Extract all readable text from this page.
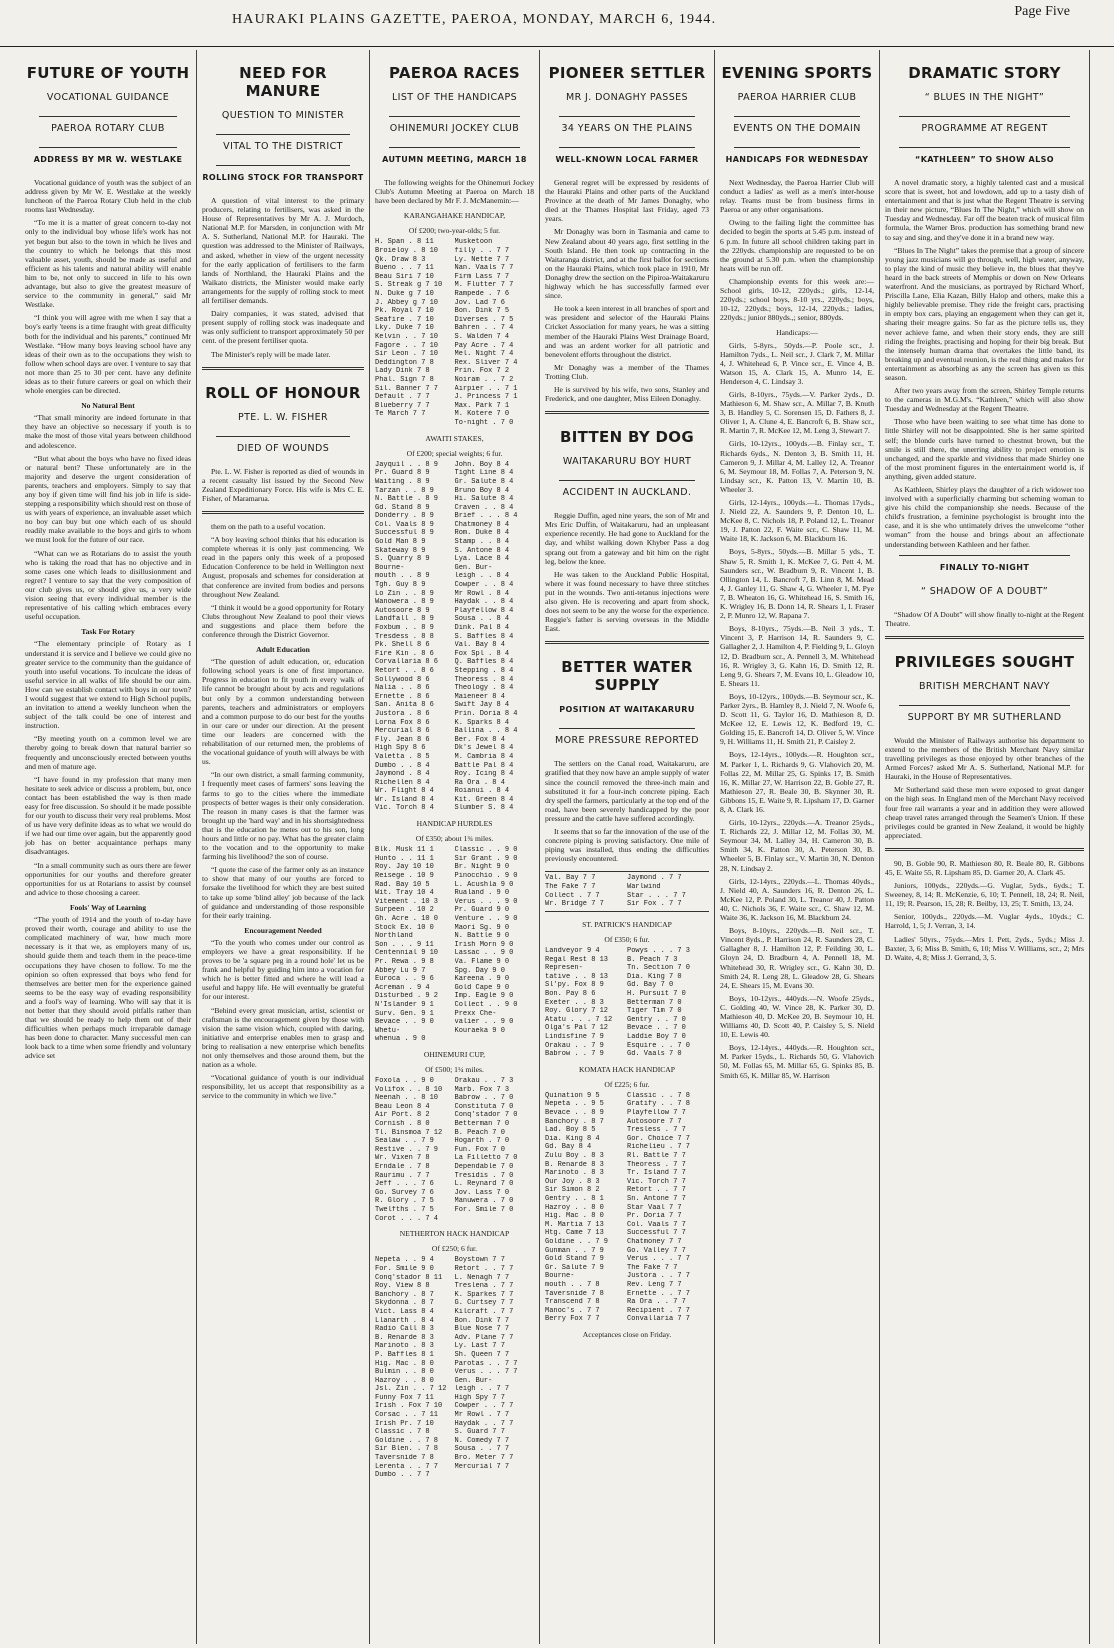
HAURAKI PLAINS GAZETTE, PAEROA, MONDAY, MARCH 6, 1944.
Page Five
FUTURE OF YOUTH
VOCATIONAL GUIDANCE
PAEROA ROTARY CLUB
ADDRESS BY MR W. WESTLAKE

Vocational guidance of youth was the subject of an address given by Mr W. E. Westlake at the weekly luncheon of the Paeroa Rotary Club held in the club rooms last Wednesday.

“To me it is a matter of great concern to-day not only to the individual boy whose life's work has not yet begun but also to the town in which he lives and the country to which he belongs that this most valuable asset, youth, should be made as useful and efficient as his talents and natural ability will enable him to be, not only to succeed in life to his own advantage, but also to give the greatest measure of service to the community in general,” said Mr Westlake.

“I think you will agree with me when I say that a boy's early 'teens is a time fraught with great difficulty both for the individual and his parents,” continued Mr Westlake. “How many boys leaving school have any ideas of their own as to the occupations they wish to follow when school days are over. I venture to say that not more than 25 to 30 per cent. have any definite ideas as to their future careers or goal on which their whole energies can be directed.

No Natural Bent

“That small minority are indeed fortunate in that they have an objective so necessary if youth is to make the most of those vital years between childhood and adolescence.

“But what about the boys who have no fixed ideas or natural bent? These unfortunately are in the majority and deserve the urgent consideration of parents, teachers and employers. Simply to say that any boy if given time will find his job in life is side-stepping a responsibility which should rest on those of us with years of experience, an invaluable asset which no boy can buy but one which each of us should readily make available to the boys and girls to whom we must look for the future of our race.

“What can we as Rotarians do to assist the youth who is taking the road that has no objective and in some cases one which leads to disillusionment and regret? I venture to say that the very composition of our club gives us, or should give us, a very wide vision seeing that every individual member is the representative of his calling which embraces every useful occupation.

Task For Rotary

“The elementary principle of Rotary as I understand it is service and I believe we could give no greater service to the community than the guidance of youth into useful vocations. To inculcate the ideas of useful service in all walks of life should be our aim. How can we establish contact with boys in our town? I would suggest that we extend to High School pupils, an invitation to attend a weekly luncheon when the subject of the talk could be one of interest and instruction.

“By meeting youth on a common level we are thereby going to break down that natural barrier so frequently and unconsciously erected between youths and men of mature age.

“I have found in my profession that many men hesitate to seek advice or discuss a problem, but, once contact has been established the way is then made easy for free discussion. So should it be made possible for our youth to discuss their very real problems. Most of us have very definite ideas as to what we would do if we had our time over again, but the apparently good job has on better acquaintance perhaps many disadvantages.

“In a small community such as ours there are fewer opportunities for our youths and therefore greater opportunities for us at Rotarians to assist by counsel and advice to those choosing a career.

Fools' Way of Learning

“The youth of 1914 and the youth of to-day have proved their worth, courage and ability to use the complicated machinery of war, how much more necessary is it that we, as employers many of us, should guide them and teach them in the peace-time occupations they have chosen to follow. To me the opinion so often expressed that boys who fend for themselves are better men for the experience gained seems to be the easy way of evading responsibility and a fool's way of learning. Who will say that it is not better that they should avoid pitfalls rather than that we should be ready to help them out of their difficulties when perhaps much irreparable damage has been done to character. Many successful men can look back to a time when some friendly and voluntary advice set

NEED FOR MANURE
QUESTION TO MINISTER
VITAL TO THE DISTRICT
ROLLING STOCK FOR TRANSPORT

A question of vital interest to the primary producers, relating to fertilisers, was asked in the House of Representatives by Mr A. J. Murdoch, National M.P. for Marsden, in conjunction with Mr A. S. Sutherland, National M.P. for Hauraki. The question was addressed to the Minister of Railways, and asked, whether in view of the urgent necessity for the early application of fertilisers to the farm lands of Northland, the Hauraki Plains and the Waikato districts, the Minister would make early arrangements for the supply of rolling stock to meet all fertiliser demands.

Dairy companies, it was stated, advised that present supply of rolling stock was inadequate and was only sufficient to transport approximately 50 per cent. of the present fertiliser quota.

The Minister's reply will be made later.

ROLL OF HONOUR
PTE. L. W. FISHER
DIED OF WOUNDS

Pte. L. W. Fisher is reported as died of wounds in a recent casualty list issued by the Second New Zealand Expeditionary Force. His wife is Mrs C. E. Fisher, of Maramarua.

them on the path to a useful vocation.

“A boy leaving school thinks that his education is complete whereas it is only just commencing. We read in the papers only this week of a proposed Education Conference to be held in Wellington next August, proposals and schemes for consideration at that conference are invited from bodies and persons throughout New Zealand.

“I think it would be a good opportunity for Rotary Clubs throughout New Zealand to pool their views and suggestions and place them before the conference through the District Governor.

Adult Education

“The question of adult education, or, education following school years is one of first importance. Progress in education to fit youth in every walk of life cannot be brought about by acts and regulations but only by a common understanding between parents, teachers and administrators or employers and a common purpose to do our best for the youths in our care or under our direction. At the present time our leaders are concerned with the rehabilitation of our returned men, the problems of the vocational guidance of youth will always be with us.

“In our own district, a small farming community, I frequently meet cases of farmers' sons leaving the farms to go to the cities where the immediate prospects of better wages is their only consideration. The reason in many cases is that the farmer was brought up the 'hard way' and in his shortsightedness that is the education he metes out to his son, long hours and little or no pay. What has the greater claim to the vocation and to the opportunity to make farming his livelihood? the son of course.

“I quote the case of the farmer only as an instance to show that many of our youths are forced to forsake the livelihood for which they are best suited to take up some 'blind alley' job because of the lack of guidance and understanding of those responsible for their early training.

Encouragement Needed

“To the youth who comes under our control as employers we have a great responsibility. If he proves to be 'a square peg in a round hole' let us be frank and helpful by guiding him into a vocation for which he is better fitted and where he will lead a useful and happy life. He will eventually be grateful for our interest.

“Behind every great musician, artist, scientist or craftsman is the encouragement given by those with vision the same vision which, coupled with daring, initiative and enterprise enables men to grasp and bring to realisation a new enterprise which benefits not only themselves and those around them, but the nation as a whole.

“Vocational guidance of youth is our individual responsibility, let us accept that responsibility as a service to the community in which we live.”

PAEROA RACES
LIST OF THE HANDICAPS
OHINEMURI JOCKEY CLUB
AUTUMN MEETING, MARCH 18

The following weights for the Ohinemuri Jockey Club's Autumn Meeting at Paeroa on March 18 have been declared by Mr F. J. McManemin:—

KARANGAHAKE HANDICAP,
Of £200; two-year-olds; 5 fur.
H. Span . 8 11	Musketoon
Broieloy . 8 10	filly . . 7 7
Qk. Draw 8 3	Ly. Nette 7 7
Bueno . . 7 11	Nan. Vaals 7 7
Beau Siri 7 10	Firm Lass 7 7
S. Streak g 7 10	M. Flutter 7 7
N. Duke g 7 10	Rampede . 7 6
J. Abbey g 7 10	Jov. Lad 7 6
Pk. Royal 7 10	Bon. Dink 7 5
Seafire . 7 10	Diverses . 7 5
Lky. Duke 7 10	Bahren . . 7 4
Kelvin . . 7 10	S. Walden 7 4
Fagore . . 7 10	Pay Acre . 7 4
Sir Leon . 7 10	Mel. Night 7 4
Deddington 7 8	Rex. Sliver 7 4
Lady Dink 7 8	Prin. Fox 7 2
Phal. Sign 7 8	Noiram . . 7 2
Sil. Banner 7 7	Airpier . . 7 1
Default . 7 7	J. Princess 7 1
Blueberry 7 7	Max. Park 7 1
Te March 7 7	M. Kotere 7 0
To-night . 7 0
AWAITI STAKES,
Of £200; special weights; 6 fur.
Jayquil . . 8 9	John. Boy 8 4
Pr. Guard 8 9	Tight Line 8 4
Waiting . 8 9	Gr. Salute 8 4
Tarzan . . 8 9	Bruno Boy 8 4
N. Battle . 8 9	Hi. Salute 8 4
Gd. Stand 8 9	Craven . . 8 4
Donderry . 8 9	Brief . . . 8 4
Col. Vaals 8 9	Chatmoney 8 4
Successful 8 9	Rom. Duke 8 4
Gold Man 8 9	Stamp . . 8 4
Skateway 8 9	S. Antone 8 4
S. Quarry 8 9	Lya. Lace 8 4
Bourne-	Gen. Bur-
mouth . . 8 9	leigh . . 8 4
Tgh. Guy 8 9	Cowper . . 8 4
Lo Zin . . 8 9	Mr Rowl . 8 4
Wanowera . 8 9	Haydak . . 8 4
Autosoore 8 9	Playfellow 8 4
Landfall . 8 9	Sousa . . 8 4
Foxbum . . 8 9	Dink. Pal 8 4
Tresdess . 8 8	S. Baffles 8 4
Pk. Shell 8 6	Val. Bay 8 4
Fire Kin . 8 6	Fox Spl . 8 4
Corvallaria 8 6	Q. Baffles 8 4
Retort . . 8 6	Stepping . 8 4
Sollywood 8 6	Theoress . 8 4
Nalia . . 8 6	Theology . 8 4
Ernette . 8 6	Maieneer 8 4
San. Anita 8 6	Swift Jay 8 4
Justora . 8 6	Prin. Doria 8 4
Lorna Fox 8 6	K. Sparks 8 4
Mercurial 8 6	Ballina . . 8 4
Fly. Jean 8 6	Ber. Fox 8 4
High Spy 8 6	Dk's Jewel 8 4
Valetta . 8 5	M. Cambria 8 4
Dumbo . . 8 4	Battle Pal 8 4
Jaymond . 8 4	Roy. Icing 8 4
Richellen 8 4	Ra Ora . 8 4
Wr. Flight 8 4	Roianui . 8 4
Wr. Island 8 4	Kit. Green 8 4
Vic. Torch 8 4	Slumber S. 8 4
HANDICAP HURDLES
Of £350; about 1¾ miles.
Blk. Musk 11 1	Classic . . 9 0
Hunto . . 11 1	Sir Grant . 9 0
Roy. Jay 10 10	Br. Night 9 0
Reisege . 10 9	Pinocchio . 9 0
Rad. Bay 10 5	L. Acushla 9 0
Wit. Tray 10 4	Rualand . 9 0
Vitement . 10 3	Verus . . . 9 0
Surpeen . 10 2	Pr. Guard 9 0
Gh. Acre . 10 0	Venture . . 9 0
Stock Ex. 10 0	Maori Sg. 9 0
Northland	N. Battle 9 0
Son . . . 9 11	Irish Morn 9 0
Centennial 9 10	Lassac . . 9 0
Pr. Rewa . 9 8	Va. Flame 9 0
Abbey Lu 9 7	Spg. Day 9 0
Euroca . . 9 6	Kareena . 9 0
Acreman . 9 4	Gold Cape 9 0
Disturbed . 9 2	Imp. Eagle 9 0
N'Islander 9 1	Collect . . 9 0
Surv. Gen. 9 1	Prexx Che-
Bevace . . 9 0	valier . . 9 0
Whetu-	Kouraeka 9 0
whenua . 9 0
OHINEMURI CUP,
Of £500; 1¼ miles.
Foxola . . 9 0	Orakau . . 7 3
Volifox . . 8 10	Marb. Fox 7 3
Neenah . . 8 10	Babrow . . 7 0
Beau Leon 8 4	Constituta 7 0
Air Port. 8 2	Conq'stador 7 0
Cornish . 8 0	Betterman 7 0
Tl. Binsmoa 7 12	B. Peach 7 0
Sealaw . . 7 9	Hogarth . 7 0
Restive . . 7 9	Fun. Fox 7 0
Wr. Vixen 7 8	La Filletto 7 0
Erndale . 7 8	Dependable 7 0
Raurimu . 7 7	Tresidis . 7 0
Jeff . . . 7 6	L. Reynard 7 0
Go. Survey 7 6	Jov. Lass 7 0
R. Glory . 7 5	Manuwera . 7 0
Twelfths . 7 5	For. Smile 7 0
Corot . . . 7 4
NETHERTON HACK HANDICAP
Of £250; 6 fur.
Nepeta . . 9 4	Boystown 7 7
For. Smile 9 0	Retort . . 7 7
Conq'stador 8 11	L. Nenagh 7 7
Roy. View 8 8	Treslena . 7 7
Banchory . 8 7	K. Sparkes 7 7
Skydonna . 8 7	G. Curtsey 7 7
Vict. Lass 8 4	Kilcraft . 7 7
Llanarth . 8 4	Bon. Dink 7 7
Radio Call 8 3	Blue Nose 7 7
B. Renarde 8 3	Adv. Plane 7 7
Marinoto . 8 3	Ly. Last 7 7
P. Baffles 8 1	Sh. Queen 7 7
Hig. Mac . 8 0	Parotas . . 7 7
Bulmin . . 8 0	Verus . . . 7 7
Hazroy . . 8 0	Gen. Bur-
Jsl. Zin . . 7 12	leigh . . 7 7
Funny Fox 7 11	High Spy 7 7
Irish . Fox 7 10	Cowper . . 7 7
Corsac . . 7 11	Mr Rowl . 7 7
Irish Pr. 7 10	Haydak . . 7 7
Classic . 7 8	S. Guard 7 7
Goldine . . 7 8	N. Comedy 7 7
Sir Blen. . 7 8	Sousa . . 7 7
Taversnide 7 8	Bro. Meter 7 7
Lerenta . . 7 7	Mercurial 7 7
Dumbo . . 7 7
PIONEER SETTLER
MR J. DONAGHY PASSES
34 YEARS ON THE PLAINS
WELL-KNOWN LOCAL FARMER

General regret will be expressed by residents of the Hauraki Plains and other parts of the Auckland Province at the death of Mr James Donaghy, who died at the Thames Hospital last Friday, aged 73 years.

Mr Donaghy was born in Tasmania and came to New Zealand about 40 years ago, first settling in the South Island. He then took up contracting in the Waitaranga district, and at the first ballot for sections on the Hauraki Plains, which took place in 1910, Mr Donaghy drew the section on the Pipiroa-Waitakaruru highway which he has successfully farmed ever since.

He took a keen interest in all branches of sport and was president and selector of the Hauraki Plains Cricket Association for many years, he was a sitting member of the Hauraki Plains West Drainage Board, and was an ardent worker for all patriotic and benevolent efforts throughout the district.

Mr Donaghy was a member of the Thames Trotting Club.

He is survived by his wife, two sons, Stanley and Frederick, and one daughter, Miss Eileen Donaghy.

BITTEN BY DOG
WAITAKARURU BOY HURT
ACCIDENT IN AUCKLAND.

Reggie Duffin, aged nine years, the son of Mr and Mrs Eric Duffin, of Waitakaruru, had an unpleasant experience recently. He had gone to Auckland for the day, and whilst walking down Khyber Pass a dog sprang out from a gateway and bit him on the right leg, below the knee.

He was taken to the Auckland Public Hospital, where it was found necessary to have three stitches put in the wounds. Two anti-tetanus injections were also given. He is recovering and apart from shock, does not seem to be any the worse for the experience. Reggie's father is serving overseas in the Middle East.

BETTER WATER SUPPLY
POSITION AT WAITAKARURU
MORE PRESSURE REPORTED

The settlers on the Canal road, Waitakaruru, are gratified that they now have an ample supply of water since the council removed the three-inch main and substituted it for a four-inch concrete piping. Each dry spell the farmers, particularly at the top end of the road, have been severely handicapped by the poor pressure and the cattle have suffered accordingly.

It seems that so far the innovation of the use of the concrete piping is proving satisfactory. One mile of piping was installed, thus ending the difficulties previously encountered.

Val. Bay 7 7	Jaymond . 7 7
The Fake 7 7	Warlwind
Collect . 7 7	Star . . . 7 7
Wr. Bridge 7 7	Sir Fox . 7 7
ST. PATRICK'S HANDICAP
Of £350; 6 fur.
Landveyor 9 4	Powys . . . 7 3
Regal Rest 8 13	B. Peach 7 3
Represen-	Tn. Section 7 0
tative . . 8 13	Dia. King 7 0
Sl'py. Fox 8 9	Gd. Bay 7 0
Bon. Pay 8 6	H. Pursuit 7 0
Exeter . . 8 3	Betterman 7 0
Roy. Glory 7 12	Tiger Tim 7 0
Atatu . . . 7 12	Gentry . . 7 0
Olga's Pal 7 12	Bevace . . 7 0
Lindisfine 7 9	Laddie Boy 7 0
Orakau . . 7 9	Esquire . . 7 0
Babrow . . 7 9	Gd. Vaals 7 0
KOMATA HACK HANDICAP
Of £225; 6 fur.
Quination 9 5	Classic . . 7 8
Nepeta . . 9 5	Gratify . . 7 8
Bevace . . 8 9	Playfellow 7 7
Banchory . 8 7	Autosoore 7 7
Lad. Boy 8 5	Tresless . 7 7
Dia. King 8 4	Gor. Choice 7 7
Gd. Bay 8 4	Richelieu . 7 7
Zulu Boy . 8 3	Rl. Battle 7 7
B. Renarde 8 3	Theoress . 7 7
Marinoto . 8 3	Tr. Island 7 7
Our Joy . 8 3	Vic. Torch 7 7
Sir Simon 8 2	Retort . . 7 7
Gentry . . 8 1	Sn. Antone 7 7
Hazroy . . 8 0	Star Vaal 7 7
Hig. Mac . 8 0	Pr. Doria 7 7
M. Martia 7 13	Col. Vaals 7 7
Htg. Came 7 13	Successful 7 7
Goldine . . 7 9	Chatmoney 7 7
Gunman . . 7 9	Go. Valley 7 7
Gold Stand 7 9	Verus . . . 7 7
Gr. Salute 7 9	The Fake 7 7
Bourne-	Justora . . 7 7
mouth . . 7 8	Rev. Leng 7 7
Taversnide 7 8	Ernette . . 7 7
Transcend 7 8	Ra Ora . . 7 7
Manoc's . 7 7	Recipient . 7 7
Berry Fox 7 7	Convallaria 7 7
Acceptances close on Friday.
EVENING SPORTS
PAEROA HARRIER CLUB
EVENTS ON THE DOMAIN
HANDICAPS FOR WEDNESDAY

Next Wednesday, the Paeroa Harrier Club will conduct a ladies' as well as a men's inter-house relay. Teams must be from business firms in Paeroa or any other organisations.

Owing to the failing light the committee has decided to begin the sports at 5.45 p.m. instead of 6 p.m. In future all school children taking part in the 220yds. championship are requested to be on the ground at 5.30 p.m. when the championship heats will be run off.

Championship events for this week are:—School girls, 10-12, 220yds.; girls, 12-14, 220yds.; school boys, 8-10 yrs., 220yds.; boys, 10-12, 220yds.; boys, 12-14, 220yds.; ladies, 220yds.; junior 880yds.,; senior, 880yds.

Handicaps:—

Girls, 5-8yrs., 50yds.—P. Poole scr., J. Hamilton 7yds., L. Neil scr., J. Clark 7, M. Millar 4, J. Whitehead 6, P. Vince scr., E. Vince 4, B. Watson 15, A. Clark 15, A. Munro 14, E. Henderson 4, C. Lindsay 3.

Girls, 8-10yrs., 75yds.—V. Parker 2yds., D. Mathieson 6, M. Shaw scr., A. Millar 7, B. Knuth 3, B. Handley 5, C. Sorensen 15, D. Fathers 8, J. Oliver 1, A. Clune 4, E. Bancroft 6, B. Shaw scr., R. Martin 7, R. McKee 12, M. Leng 3, Stewart 7.

Girls, 10-12yrs., 100yds.—B. Finlay scr., T. Richards 6yds., N. Denton 3, B. Smith 11, H. Cameron 9, J. Millar 4, M. Lalley 12, A. Treanor 6, M. Seymour 18, M. Follas 7, A. Peterson 9, N. Lindsay scr., K. Patton 13, V. Martin 10, B. Wheeler 3.

Girls, 12-14yrs., 100yds.—L. Thomas 17yds., J. Nield 22, A. Saunders 9, P. Denton 10, L. McKee 8, C. Nichols 18, P. Poland 12, L. Treanor 19, J. Patton 22, F. Waite scr., C. Shaw 11, M. Waite 18, K. Jackson 6, M. Blackburn 16.

Boys, 5-8yrs., 50yds.—B. Millar 5 yds., T. Shaw 5, R. Smith 1, K. McKee 7, G. Pett 4, M. Saunders scr., W. Bradburn 9, R. Vincent 1, B. Ollington 14, L. Bancroft 7, B. Linn 8, M. Mead 4, J. Ganley 11, G. Shaw 4, G. Wheeler 1, M. Pye 7, B. Wheaton 16, G. Whitehead 16, S. Smith 16, K. Wrigley 16, B. Donn 14, R. Shears 1, I. Fraser 2, P. Munro 12, W. Rapana 7.

Boys, 8-10yrs., 75yds.—B. Neil 3 yds., T. Vincent 3, P. Harrison 14, R. Saunders 9, C. Gallagher 2, J. Hamilton 4, P. Fielding 9, L. Gloyn 12, D. Bradburn scr., A. Pennell 3, M. Whitehead 16, R. Wrigley 3, G. Kahn 16, D. Smith 12, R. Leng 9, G. Shears 7, M. Evans 10, L. Gleadow 10, E. Shears 11.

Boys, 10-12yrs., 100yds.—B. Seymour scr., K. Parker 2yrs., B. Hamley 8, J. Nield 7, N. Woofe 6, D. Scott 11, G. Taylor 16, D. Mathieson 8, D. McKee 12, E. Lewis 12, K. Bedford 19, C. Golding 15, E. Bancroft 14, D. Oliver 5, W. Vince 9, H. Williams 11, H. Smith 21, P. Caisley 2.

Boys, 12-14yrs., 100yds.—R. Houghton scr., M. Parker 1, L. Richards 9, G. Vlahovich 20, M. Follas 22, M. Millar 25, G. Spinks 17, B. Smith 16, K. Millar 27, W. Harrison 22, B. Goble 27, R. Mathieson 27, R. Beale 30, B. Skynner 30, R. Gibbons 15, E. Waite 9, R. Lipsham 17, D. Garner 8, A. Clark 16.

Girls, 10-12yrs., 220yds.—A. Treanor 25yds., T. Richards 22, J. Millar 12, M. Follas 30, M. Seymour 34, M. Lalley 34, H. Cameron 30, B. Smith 34, K. Patton 30, A. Peterson 30, B. Wheeler 5, B. Finlay scr., V. Martin 30, N. Denton 28, N. Lindsay 2.

Girls, 12-14yrs., 220yds.—L. Thomas 40yds., J. Nield 40, A. Saunders 16, R. Denton 26, L. McKee 12, P. Poland 30, L. Treanor 40, J. Patton 40, C. Nichols 36, F. Waite scr., C. Shaw 12, M. Waite 36, K. Jackson 16, M. Blackburn 24.

Boys, 8-10yrs., 220yds.—B. Neil scr., T. Vincent 8yds., P. Harrison 24, R. Saunders 28, C. Gallagher 8, J. Hamilton 12, P. Feilding 30, L. Gloyn 24, D. Bradburn 4, A. Pennell 18, M. Whitehead 30, R. Wrigley scr., G. Kahn 30, D. Smith 24, R. Leng 28, L. Gleadow 28, G. Shears 24, E. Shears 15, M. Evans 30.

Boys, 10-12yrs., 440yds.—N. Woofe 25yds., C. Golding 40, W. Vince 28, K. Parker 30, D. Mathieson 40, D. McKee 20, B. Seymour 10, H. Williams 40, D. Scott 40, P. Caisley 5, S. Nield 10, E. Lewis 40.

Boys, 12-14yrs., 440yds.—R. Houghton scr., M. Parker 15yds., L. Richards 50, G. Vlahovich 50, M. Follas 65, M. Millar 65, G. Spinks 85, B. Smith 65, K. Millar 85, W. Harrison

DRAMATIC STORY
“ BLUES IN THE NIGHT”
PROGRAMME AT REGENT
“KATHLEEN” TO SHOW ALSO

A novel dramatic story, a highly talented cast and a musical score that is sweet, hot and lowdown, add up to a tasty dish of entertainment and that is just what the Regent Theatre is serving in their new picture, “Blues In The Night,” which will show on Tuesday and Wednesday. Far off the beaten track of musical film formula, the Warner Bros. production has something brand new to say and sing, and they've done it in a brand new way.

“Blues In The Night” takes the premise that a group of sincere young jazz musicians will go through, well, high water, anyway, to play the kind of music they believe in, the blues that they've heard in the back streets of Memphis or down on New Orleans waterfront. And the musicians, as portrayed by Richard Whorf, Priscilla Lane, Elia Kazan, Billy Halop and others, make this a highly believable premise. They ride the freight cars, practising in empty box cars, playing an engagement when they can get it, sharing their meagre gains. So far as the picture tells us, they never achieve fame, and when their story ends, they are still riding the freights, practising and hoping for their big break. But the intensely human drama that overtakes the little band, its breaking up and eventual reunion, is the real thing and makes for entertainment as absorbing as any the screen has given us this season.

After two years away from the screen, Shirley Temple returns to the cameras in M.G.M's. “Kathleen,” which will also show Tuesday and Wednesday at the Regent Theatre.

Those who have been waiting to see what time has done to little Shirley will not be disappointed. She is her same spirited self; the blonde curls have turned to chestnut brown, but the smile is still there, the unerring ability to project emotion is unchanged, and the sparkle and vividness that made Shirley one of the most prominent figures in the entertainment world is, if anything, given added stature.

As Kathleen, Shirley plays the daughter of a rich widower too involved with a superficially charming but scheming woman to give his child the companionship she needs. Because of the child's frustration, a feminine psychologist is brought into the case, and it is she who untimately drives the unwelcome “other woman” from the house and brings about an affectionate understanding between Kathleen and her father.

FINALLY TO-NIGHT
“ SHADOW OF A DOUBT”

“Shadow Of A Doubt” will show finally to-night at the Regent Theatre.

PRIVILEGES SOUGHT
BRITISH MERCHANT NAVY
SUPPORT BY MR SUTHERLAND

Would the Minister of Railways authorise his department to extend to the members of the British Merchant Navy similar travelling privileges as those enjoyed by other branches of the Armed Forces? asked Mr A. S. Sutherland, National M.P. for Hauraki, in the House of Representatives.

Mr Sutherland said these men were exposed to great danger on the high seas. In England men of the Merchant Navy received four free rail warrants a year and in addition they were allowed cheap travel rates arranged through the Seamen's Union. If these privileges could be granted in New Zealand, it would be highly appreciated.

90, B. Goble 90, R. Mathieson 80, R. Beale 80, R. Gibbons 45, E. Waite 55, R. Lipsham 85, D. Garner 20, A. Clark 45.

Juniors, 100yds., 220yds.—G. Vuglar, 5yds., 6yds.; T. Sweeney, 8, 14; R. McKenzie, 6, 10; T. Pennell, 18, 24; R. Neil, 11, 19; R. Pearson, 15, 28; R. Beilby, 13, 25; T. Smith, 13, 24.

Senior, 100yds., 220yds.—M. Vuglar 4yds., 10yds.; C. Harrold, 1, 5; J. Verran, 3, 14.

Ladies' 50yrs., 75yds.—Mrs I. Pett, 2yds., 5yds.; Miss J. Baxter, 3, 6; Miss B. Smith, 6, 10; Miss V. Williams, scr., 2; Mrs D. Waite, 4, 8; Miss J. Gerrand, 3, 5.
